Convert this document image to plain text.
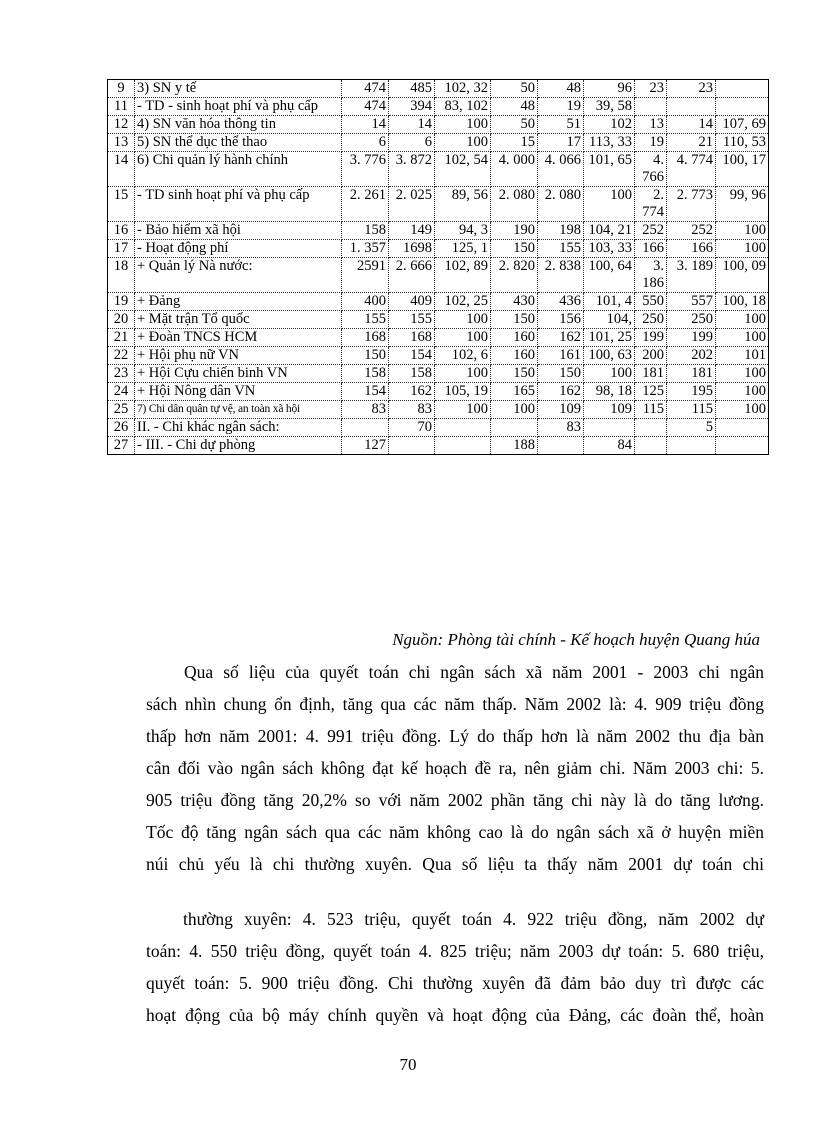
9	3) SN y tế	474	485	102, 32	50	48	96	23	23	
11	- TD - sinh hoạt phí và phụ cấp	474	394	83, 102	48	19	39, 58			
12	4) SN văn hóa thông tin	14	14	100	50	51	102	13	14	107, 69
13	5) SN thể dục thể thao	6	6	100	15	17	113, 33	19	21	110, 53
14	6) Chi quản lý hành chính	3. 776	3. 872	102, 54	4. 000	4. 066	101, 65	4. 766	4. 774	100, 17
15	- TD sinh hoạt phí và phụ cấp	2. 261	2. 025	89, 56	2. 080	2. 080	100	2. 774	2. 773	99, 96
16	- Bảo hiểm xã hội	158	149	94, 3	190	198	104, 21	252	252	100
17	- Hoạt động phí	1. 357	1698	125, 1	150	155	103, 33	166	166	100
18	+ Quản lý Nà nước:	2591	2. 666	102, 89	2. 820	2. 838	100, 64	3. 186	3. 189	100, 09
19	+ Đảng	400	409	102, 25	430	436	101, 4	550	557	100, 18
20	+ Mặt trận Tổ quốc	155	155	100	150	156	104,	250	250	100
21	+ Đoàn TNCS HCM	168	168	100	160	162	101, 25	199	199	100
22	+ Hội phụ nữ VN	150	154	102, 6	160	161	100, 63	200	202	101
23	+ Hội Cựu chiến binh VN	158	158	100	150	150	100	181	181	100
24	+ Hội Nông dân VN	154	162	105, 19	165	162	98, 18	125	195	100
25	7) Chi dân quân tự vệ, an toàn xã hội	83	83	100	100	109	109	115	115	100
26	II. - Chi khác ngân sách:		70			83			5	
27	- III. - Chi dự phòng	127			188		84			
Nguồn: Phòng tài chính - Kế hoạch huyện Quang húa
Qua số liệu của quyết toán chi ngân sách xã năm 2001 - 2003 chi ngân
sách nhìn chung ổn định, tăng qua các năm thấp. Năm 2002 là: 4. 909 triệu đồng
thấp hơn năm 2001: 4. 991 triệu đồng. Lý do thấp hơn là năm 2002 thu địa bàn
cân đối vào ngân sách không đạt kế hoạch đề ra, nên giảm chi. Năm 2003 chi: 5.
905 triệu đồng tăng 20,2% so với năm 2002 phần tăng chi này là do tăng lương.
Tốc độ tăng ngân sách qua các năm không cao là do ngân sách xã ở huyện miền
núi chủ yếu là chi thường xuyên. Qua số liệu ta thấy năm 2001 dự toán chi
thường xuyên: 4. 523 triệu, quyết toán 4. 922 triệu đồng, năm 2002 dự
toán: 4. 550 triệu đồng, quyết toán 4. 825 triệu; năm 2003 dự toán: 5. 680 triệu,
quyết toán: 5. 900 triệu đồng. Chi thường xuyên đã đảm bảo duy trì được các
hoạt động của bộ máy chính quyền và hoạt động của Đảng, các đoàn thể, hoàn
70
